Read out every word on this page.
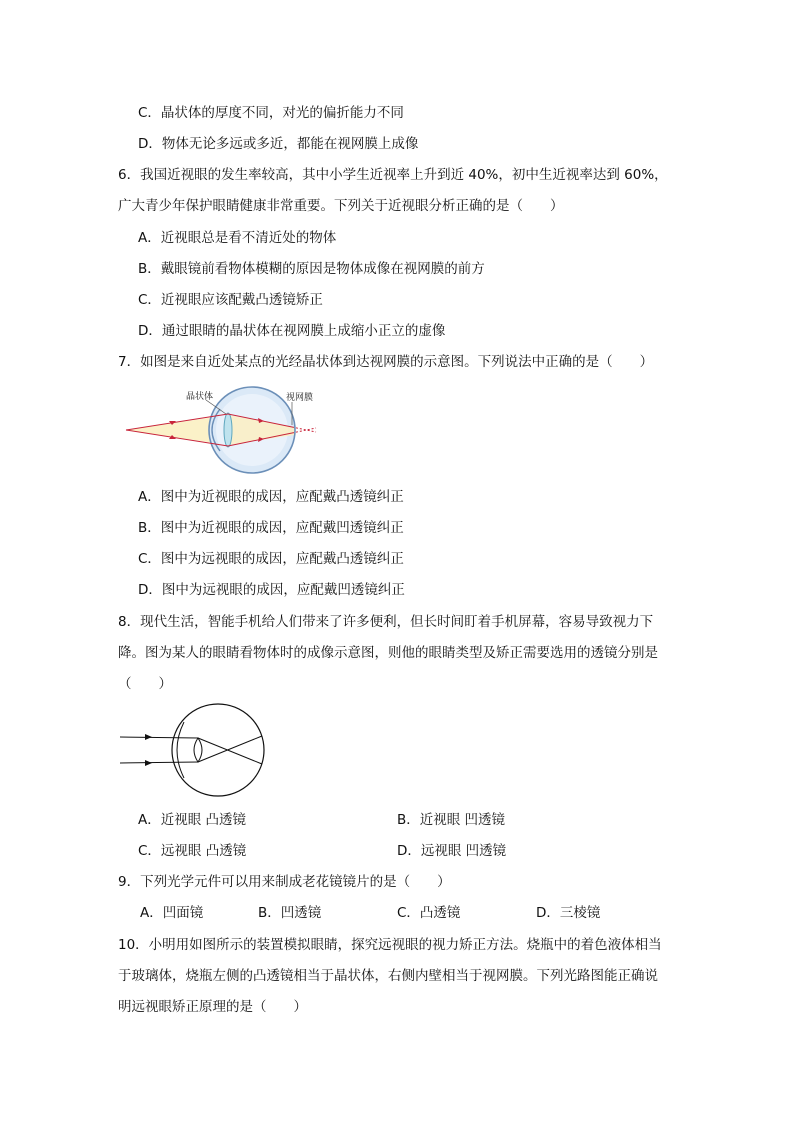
C．晶状体的厚度不同，对光的偏折能力不同
D．物体无论多远或多近，都能在视网膜上成像
6．我国近视眼的发生率较高，其中小学生近视率上升到近 40%，初中生近视率达到 60%，
广大青少年保护眼睛健康非常重要。下列关于近视眼分析正确的是（　　）
A．近视眼总是看不清近处的物体
B．戴眼镜前看物体模糊的原因是物体成像在视网膜的前方
C．近视眼应该配戴凸透镜矫正
D．通过眼睛的晶状体在视网膜上成缩小正立的虚像
7．如图是来自近处某点的光经晶状体到达视网膜的示意图。下列说法中正确的是（　　）
晶状体	视网膜
A．图中为近视眼的成因，应配戴凸透镜纠正
B．图中为近视眼的成因，应配戴凹透镜纠正
C．图中为远视眼的成因，应配戴凸透镜纠正
D．图中为远视眼的成因，应配戴凹透镜纠正
8．现代生活，智能手机给人们带来了许多便利，但长时间盯着手机屏幕，容易导致视力下
降。图为某人的眼睛看物体时的成像示意图，则他的眼睛类型及矫正需要选用的透镜分别是
（　　）
A．近视眼 凸透镜	B．近视眼 凹透镜
C．远视眼 凸透镜	D．远视眼 凹透镜
9．下列光学元件可以用来制成老花镜镜片的是（　　）
A．凹面镜	B．凹透镜	C．凸透镜	D．三棱镜
10．小明用如图所示的装置模拟眼睛，探究远视眼的视力矫正方法。烧瓶中的着色液体相当
于玻璃体，烧瓶左侧的凸透镜相当于晶状体，右侧内壁相当于视网膜。下列光路图能正确说
明远视眼矫正原理的是（　　）
